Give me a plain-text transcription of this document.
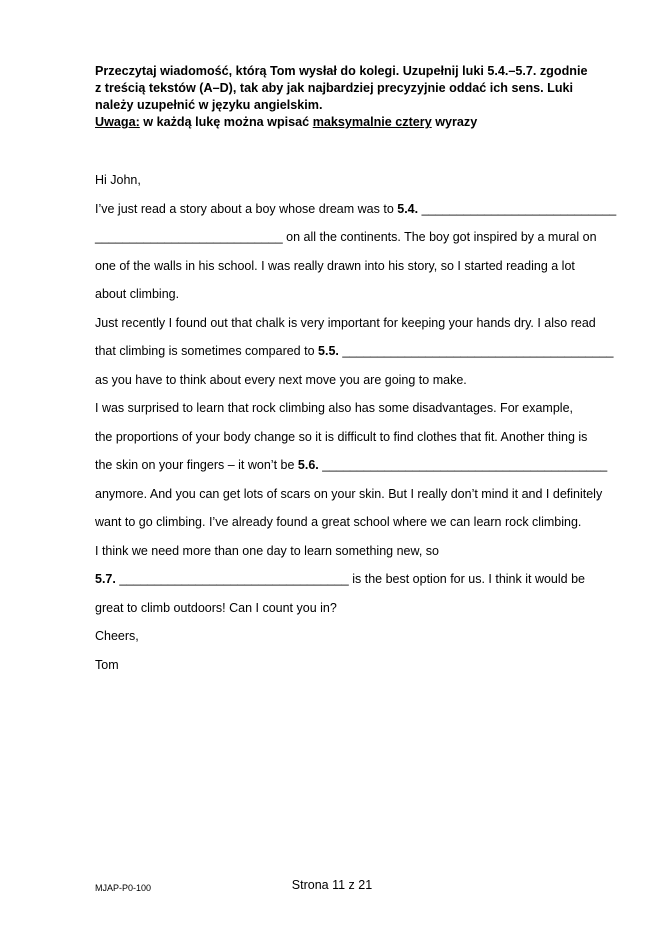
Przeczytaj wiadomość, którą Tom wysłał do kolegi. Uzupełnij luki 5.4.–5.7. zgodnie
z treścią tekstów (A–D), tak aby jak najbardziej precyzyjnie oddać ich sens. Luki
należy uzupełnić w języku angielskim.
Uwaga: w każdą lukę można wpisać maksymalnie cztery wyrazy
Hi John,
I’ve just read a story about a boy whose dream was to 5.4. ____________________________
___________________________ on all the continents. The boy got inspired by a mural on
one of the walls in his school. I was really drawn into his story, so I started reading a lot
about climbing.
Just recently I found out that chalk is very important for keeping your hands dry. I also read
that climbing is sometimes compared to 5.5. _______________________________________
as you have to think about every next move you are going to make.
I was surprised to learn that rock climbing also has some disadvantages. For example,
the proportions of your body change so it is difficult to find clothes that fit. Another thing is
the skin on your fingers – it won’t be 5.6. _________________________________________
anymore. And you can get lots of scars on your skin. But I really don’t mind it and I definitely
want to go climbing. I’ve already found a great school where we can learn rock climbing.
I think we need more than one day to learn something new, so
5.7. _________________________________ is the best option for us. I think it would be
great to climb outdoors! Can I count you in?
Cheers,
Tom
MJAP-P0-100	Strona 11 z 21
